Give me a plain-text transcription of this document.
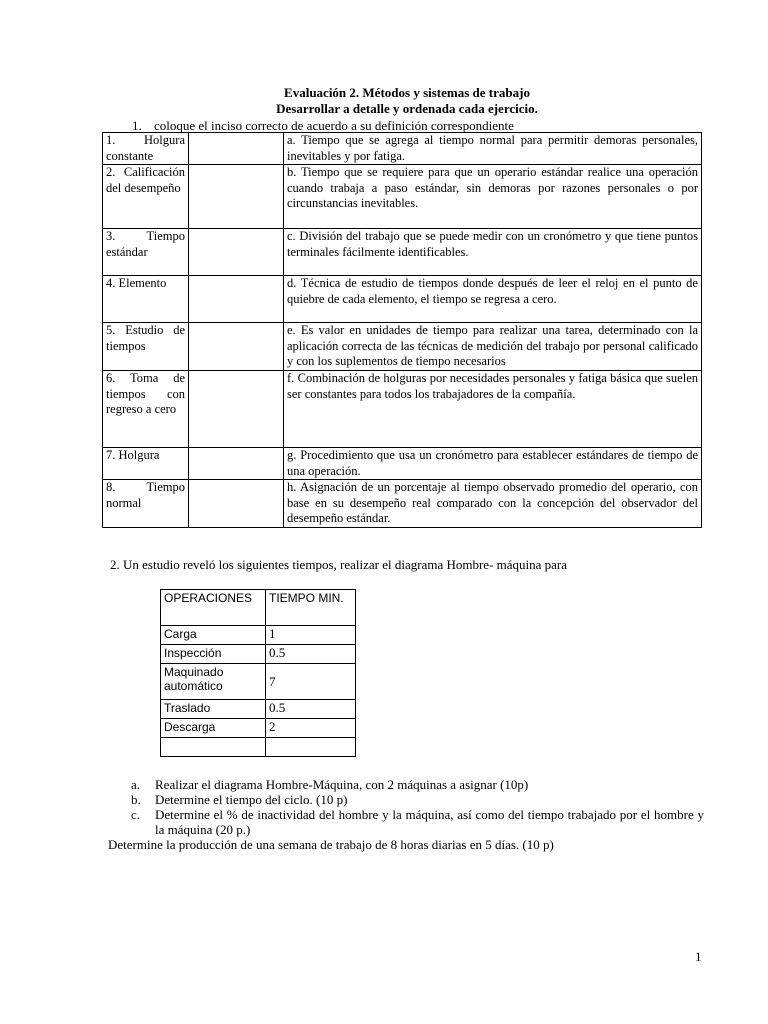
Evaluación 2. Métodos y sistemas de trabajo
Desarrollar a detalle y ordenada cada ejercicio.
1. coloque el inciso correcto de acuerdo a su definición correspondiente
1. Holgura constante		a. Tiempo que se agrega al tiempo normal para permitir demoras personales, inevitables y por fatiga.
2. Calificación del desempeño		b. Tiempo que se requiere para que un operario estándar realice una operación cuando trabaja a paso estándar, sin demoras por razones personales o por circunstancias inevitables.
3. Tiempo estándar		c. División del trabajo que se puede medir con un cronómetro y que tiene puntos terminales fácilmente identificables.
4. Elemento		d. Técnica de estudio de tiempos donde después de leer el reloj en el punto de quiebre de cada elemento, el tiempo se regresa a cero.
5. Estudio de tiempos		e. Es valor en unidades de tiempo para realizar una tarea, determinado con la aplicación correcta de las técnicas de medición del trabajo por personal calificado y con los suplementos de tiempo necesarios
6. Toma de tiempos con regreso a cero		f. Combinación de holguras por necesidades personales y fatiga básica que suelen ser constantes para todos los trabajadores de la compañía.
7. Holgura		g. Procedimiento que usa un cronómetro para establecer estándares de tiempo de una operación.
8. Tiempo normal		h. Asignación de un porcentaje al tiempo observado promedio del operario, con base en su desempeño real comparado con la concepción del observador del desempeño estándar.
2. Un estudio reveló los siguientes tiempos, realizar el diagrama Hombre- máquina para
OPERACIONES	TIEMPO MIN.
Carga	1
Inspección	0.5
Maquinado automático	7
Traslado	0.5
Descarga	2

a. Realizar el diagrama Hombre-Máquina, con 2 máquinas a asignar (10p)
b. Determine el tiempo del ciclo. (10 p)
c. Determine el % de inactividad del hombre y la máquina, así como del tiempo trabajado por el hombre y la máquina (20 p.)
Determine la producción de una semana de trabajo de 8 horas diarias en 5 días. (10 p)
1
